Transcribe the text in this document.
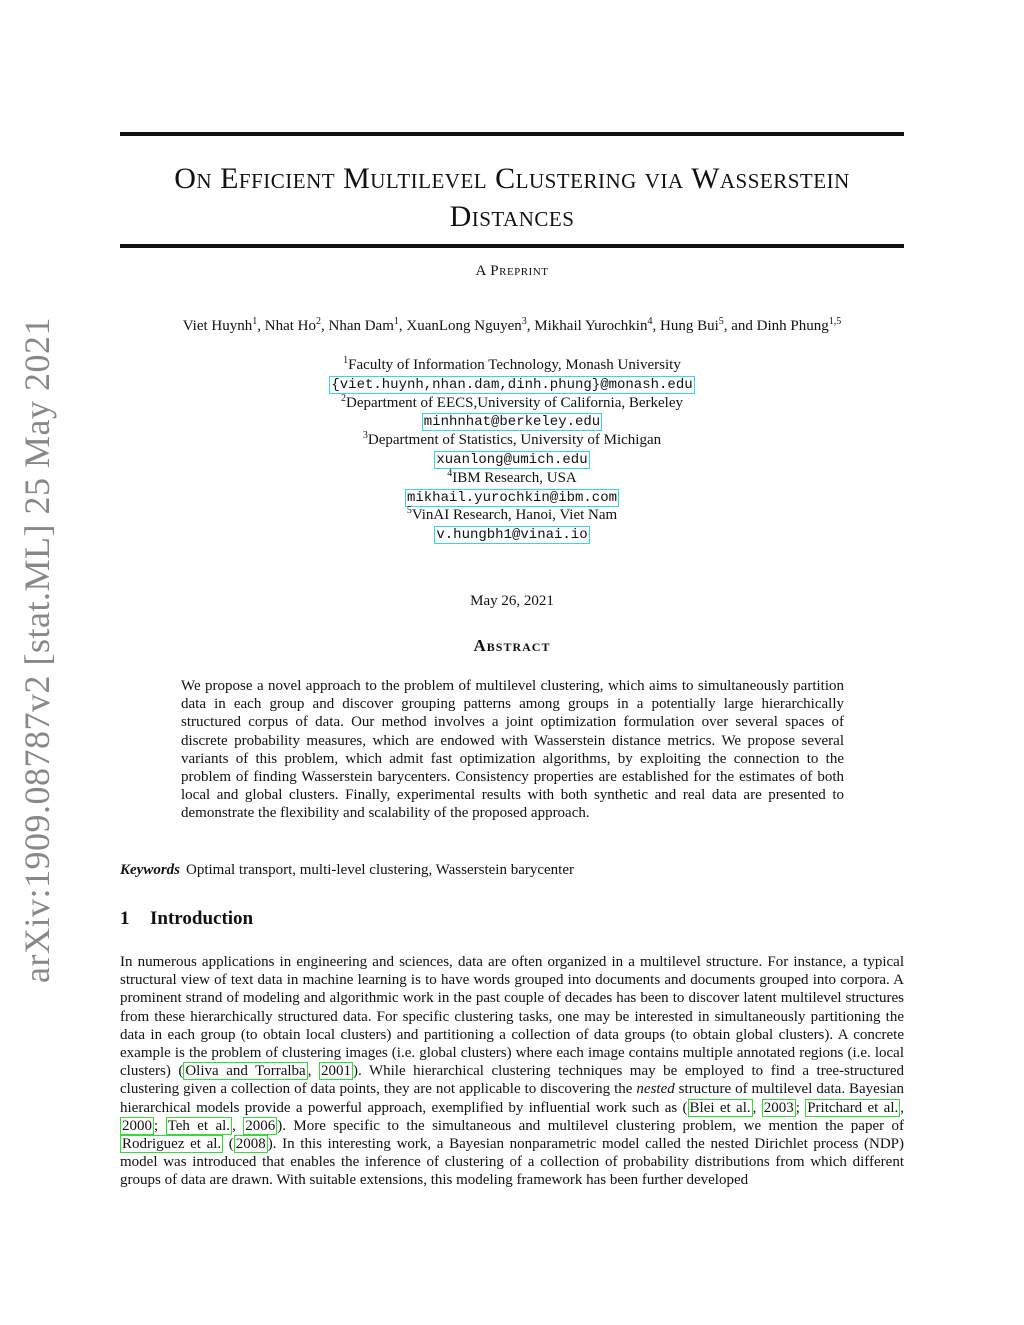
arXiv:1909.08787v2 [stat.ML] 25 May 2021
On Efficient Multilevel Clustering via Wasserstein
Distances
A Preprint
Viet Huynh$^1$, Nhat Ho$^2$, Nhan Dam$^1$, XuanLong Nguyen$^3$, Mikhail Yurochkin$^4$, Hung Bui$^5$, and Dinh Phung$^{1,5}$
$^1$Faculty of Information Technology, Monash University
{viet.huynh,nhan.dam,dinh.phung}@monash.edu
$^2$Department of EECS,University of California, Berkeley
minhnhat@berkeley.edu
$^3$Department of Statistics, University of Michigan
xuanlong@umich.edu
$^4$IBM Research, USA
mikhail.yurochkin@ibm.com
$^5$VinAI Research, Hanoi, Viet Nam
v.hungbh1@vinai.io
May 26, 2021
Abstract
We propose a novel approach to the problem of multilevel clustering, which aims to simultaneously partition data in each group and discover grouping patterns among groups in a potentially large hierarchically structured corpus of data. Our method involves a joint optimization formulation over several spaces of discrete probability measures, which are endowed with Wasserstein distance metrics. We propose several variants of this problem, which admit fast optimization algorithms, by exploiting the connection to the problem of finding Wasserstein barycenters. Consistency properties are established for the estimates of both local and global clusters. Finally, experimental results with both synthetic and real data are presented to demonstrate the flexibility and scalability of the proposed approach.
Keywords Optimal transport, multi-level clustering, Wasserstein barycenter
1 Introduction
In numerous applications in engineering and sciences, data are often organized in a multilevel structure. For instance, a typical structural view of text data in machine learning is to have words grouped into documents and documents grouped into corpora. A prominent strand of modeling and algorithmic work in the past couple of decades has been to discover latent multilevel structures from these hierarchically structured data. For specific clustering tasks, one may be interested in simultaneously partitioning the data in each group (to obtain local clusters) and partitioning a collection of data groups (to obtain global clusters). A concrete example is the problem of clustering images (i.e. global clusters) where each image contains multiple annotated regions (i.e. local clusters) ( Oliva and Torralba , 2001 ). While hierarchical clustering techniques may be employed to find a tree-structured clustering given a collection of data points, they are not applicable to discovering the nested structure of multilevel data. Bayesian hierarchical models provide a powerful approach, exemplified by influential work such as ( Blei et al. , 2003 ; Pritchard et al. , 2000 ; Teh et al. , 2006 ). More specific to the simultaneous and multilevel clustering problem, we mention the paper of Rodriguez et al. ( 2008 ). In this interesting work, a Bayesian nonparametric model called the nested Dirichlet process (NDP) model was introduced that enables the inference of clustering of a collection of probability distributions from which different groups of data are drawn. With suitable extensions, this modeling framework has been further developed
